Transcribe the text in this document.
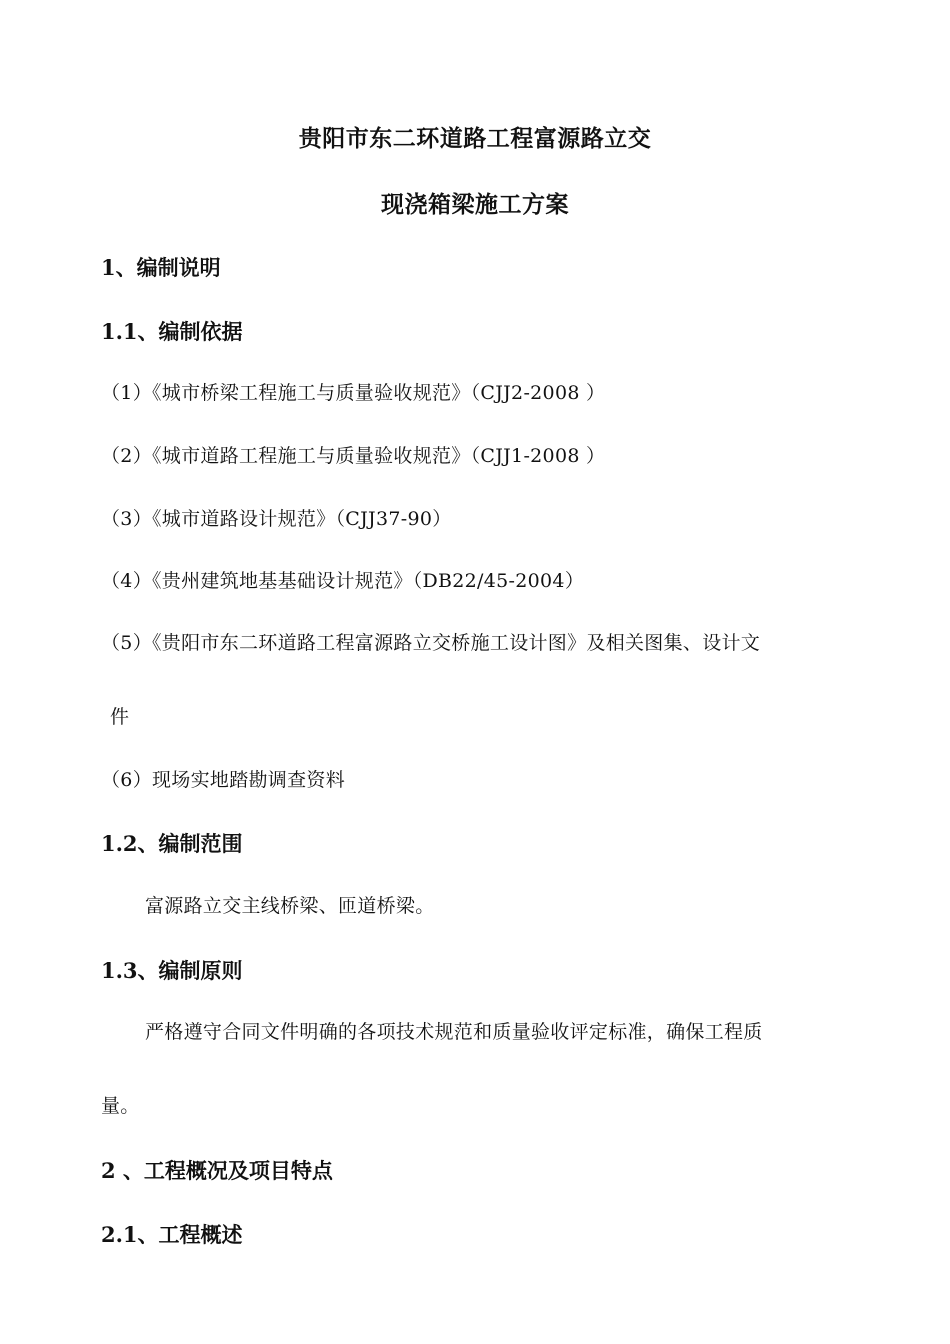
贵阳市东二环道路工程富源路立交
现浇箱梁施工方案
1、编制说明
1.1、编制依据
（1）《城市桥梁工程施工与质量验收规范》（CJJ2-2008 ）
（2）《城市道路工程施工与质量验收规范》（CJJ1-2008 ）
（3）《城市道路设计规范》（CJJ37-90）
（4）《贵州建筑地基基础设计规范》（DB22/45-2004）
（5）《贵阳市东二环道路工程富源路立交桥施工设计图》及相关图集、设计文
件
（6）现场实地踏勘调查资料
1.2、编制范围
富源路立交主线桥梁、匝道桥梁。
1.3、编制原则
严格遵守合同文件明确的各项技术规范和质量验收评定标准，确保工程质
量。
2 、工程概况及项目特点
2.1、工程概述
